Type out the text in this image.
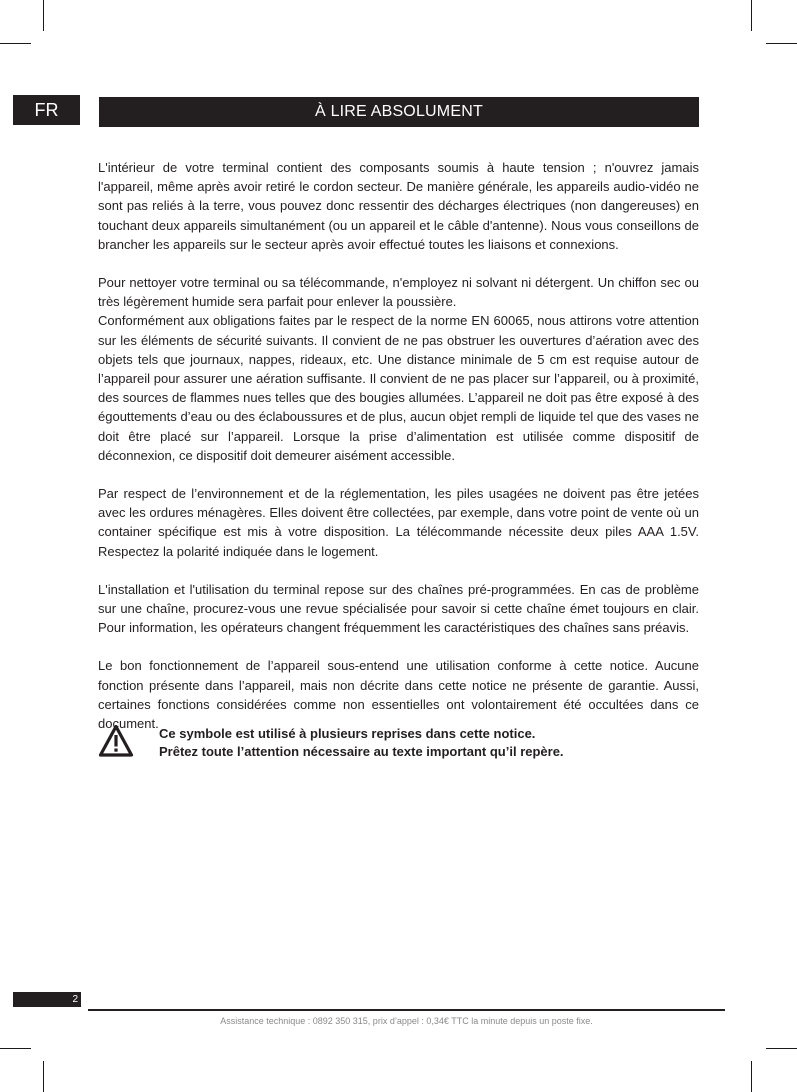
FR	À LIRE ABSOLUMENT

L'intérieur de votre terminal contient des composants soumis à haute tension ; n'ouvrez jamais l'appareil, même après avoir retiré le cordon secteur. De manière générale, les appareils audio-vidéo ne sont pas reliés à la terre, vous pouvez donc ressentir des décharges électriques (non dangereuses) en touchant deux appareils simultanément (ou un appareil et le câble d'antenne). Nous vous conseillons de brancher les appareils sur le secteur après avoir effectué toutes les liaisons et connexions.

Pour nettoyer votre terminal ou sa télécommande, n'employez ni solvant ni détergent. Un chiffon sec ou très légèrement humide sera parfait pour enlever la poussière.

Conformément aux obligations faites par le respect de la norme EN 60065, nous attirons votre attention sur les éléments de sécurité suivants. Il convient de ne pas obstruer les ouvertures d’aération avec des objets tels que journaux, nappes, rideaux, etc. Une distance minimale de 5 cm est requise autour de l’appareil pour assurer une aération suffisante. Il convient de ne pas placer sur l’appareil, ou à proximité, des sources de flammes nues telles que des bougies allumées. L’appareil ne doit pas être exposé à des égouttements d’eau ou des éclaboussures et de plus, aucun objet rempli de liquide tel que des vases ne doit être placé sur l’appareil. Lorsque la prise d’alimentation est utilisée comme dispositif de déconnexion, ce dispositif doit demeurer aisément accessible.

Par respect de l’environnement et de la réglementation, les piles usagées ne doivent pas être jetées avec les ordures ménagères. Elles doivent être collectées, par exemple, dans votre point de vente où un container spécifique est mis à votre disposition. La télécommande nécessite deux piles AAA 1.5V. Respectez la polarité indiquée dans le logement.

L'installation et l'utilisation du terminal repose sur des chaînes pré-programmées. En cas de problème sur une chaîne, procurez-vous une revue spécialisée pour savoir si cette chaîne émet toujours en clair. Pour information, les opérateurs changent fréquemment les caractéristiques des chaînes sans préavis.

Le bon fonctionnement de l’appareil sous-entend une utilisation conforme à cette notice. Aucune fonction présente dans l’appareil, mais non décrite dans cette notice ne présente de garantie. Aussi, certaines fonctions considérées comme non essentielles ont volontairement été occultées dans ce document.

Ce symbole est utilisé à plusieurs reprises dans cette notice.
Prêtez toute l’attention nécessaire au texte important qu’il repère.
2
Assistance technique : 0892 350 315, prix d’appel : 0,34€ TTC la minute depuis un poste fixe.
